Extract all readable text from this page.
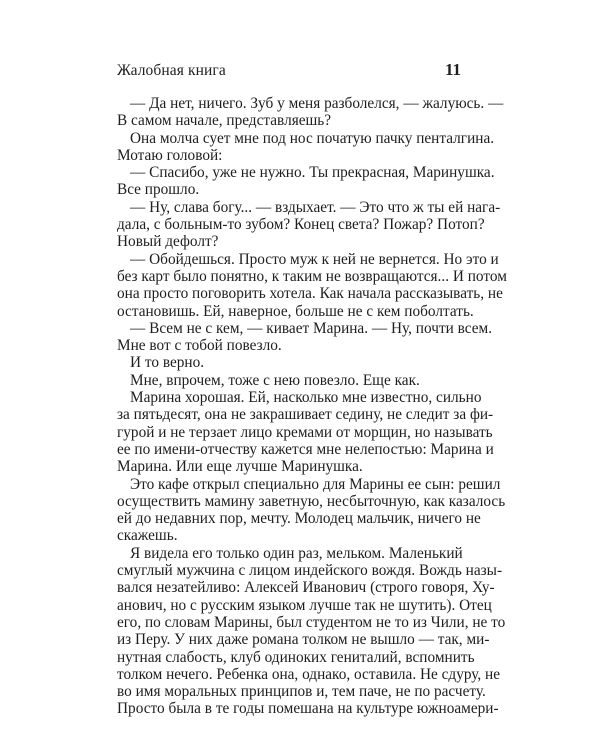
Жалобная книга	11
— Да нет, ничего. Зуб у меня разболелся, — жалуюсь. —
В самом начале, представляешь?
Она молча сует мне под нос початую пачку пенталгина.
Мотаю головой:
— Спасибо, уже не нужно. Ты прекрасная, Маринушка.
Все прошло.
— Ну, слава богу... — вздыхает. — Это что ж ты ей нага-
дала, с больным-то зубом? Конец света? Пожар? Потоп?
Новый дефолт?
— Обойдешься. Просто муж к ней не вернется. Но это и
без карт было понятно, к таким не возвращаются... И потом
она просто поговорить хотела. Как начала рассказывать, не
остановишь. Ей, наверное, больше не с кем поболтать.
— Всем не с кем, — кивает Марина. — Ну, почти всем.
Мне вот с тобой повезло.
И то верно.
Мне, впрочем, тоже с нею повезло. Еще как.
Марина хорошая. Ей, насколько мне известно, сильно
за пятьдесят, она не закрашивает седину, не следит за фи-
гурой и не терзает лицо кремами от морщин, но называть
ее по имени-отчеству кажется мне нелепостью: Марина и
Марина. Или еще лучше Маринушка.
Это кафе открыл специально для Марины ее сын: решил
осуществить мамину заветную, несбыточную, как казалось
ей до недавних пор, мечту. Молодец мальчик, ничего не
скажешь.
Я видела его только один раз, мельком. Маленький
смуглый мужчина с лицом индейского вождя. Вождь назы-
вался незатейливо: Алексей Иванович (строго говоря, Ху-
анович, но с русским языком лучше так не шутить). Отец
его, по словам Марины, был студентом не то из Чили, не то
из Перу. У них даже романа толком не вышло — так, ми-
нутная слабость, клуб одиноких гениталий, вспомнить
толком нечего. Ребенка она, однако, оставила. Не сдуру, не
во имя моральных принципов и, тем паче, не по расчету.
Просто была в те годы помешана на культуре южноамери-
